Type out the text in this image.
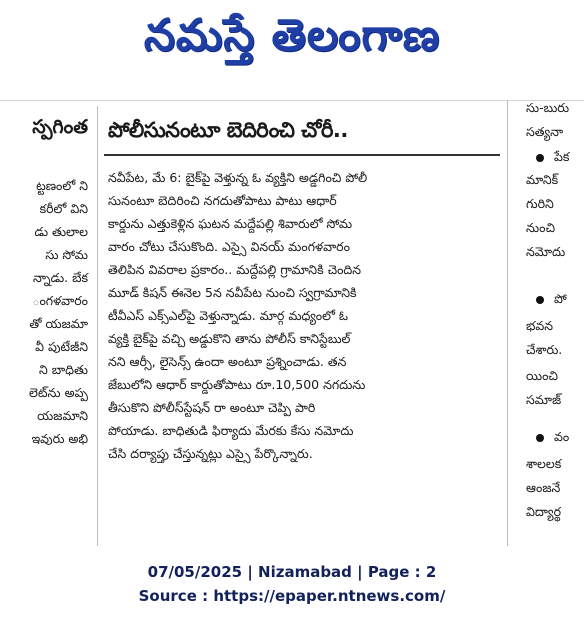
నమస్తే తెలంగాణ
స్పగింత
ట్టణంలో ని
కరీలో విని
డు తులాల
సు సోమ
న్నాడు. బేక
ంగళవారం
తో యజమా
వీ పుటేజీని
ని బాధితు
లెట్‌ను అప్ప
యజమాని
ఇవురు అభి
పోలీసునంటూ బెదిరించి చోరీ..
నవీపేట, మే 6: బైక్‌పై వెళ్తున్న ఓ వ్యక్తిని అడ్డగించి పోలీ
సునంటూ బెదిరించి నగదుతోపాటు పాటు ఆధార్
కార్డును ఎత్తుకెళ్లిన ఘటన మద్దేపల్లి శివారులో సోమ
వారం చోటు చేసుకొంది. ఎస్సై వినయ్ మంగళవారం
తెలిపిన వివరాల ప్రకారం.. మద్దేపల్లి గ్రామానికి చెందిన
మూడ్ కిషన్ ఈనెల 5న నవీపేట నుంచి స్వగ్రామానికి
టీవీఎస్ ఎక్స్ఎల్‌పై వెళ్తున్నాడు. మార్గ మధ్యంలో ఓ
వ్యక్తి బైక్‌పై వచ్చి అడ్డుకొని తాను పోలీస్ కానిస్టేబుల్
నని ఆర్సీ, లైసెన్స్ ఉందా అంటూ ప్రశ్నించాడు. తన
జేబులోని ఆధార్ కార్డుతోపాటు రూ.10,500 నగదును
తీసుకొని పోలీస్‌స్టేషన్ రా అంటూ చెప్పి పారి
పోయాడు. బాధితుడి ఫిర్యాదు మేరకు కేసు నమోదు
చేసి దర్యాప్తు చేస్తున్నట్లు ఎస్సై పేర్కొన్నారు.
సు-బురు
సత్యనా
పేక
మానిక్
గురిని
నుంచి
నమోదు
పో
భవన
చేశారు.
యించి
సమాజ్
వం
శాలలక
ఆంజనే
విద్యార్థ
07/05/2025 | Nizamabad | Page : 2
Source : https://epaper.ntnews.com/
